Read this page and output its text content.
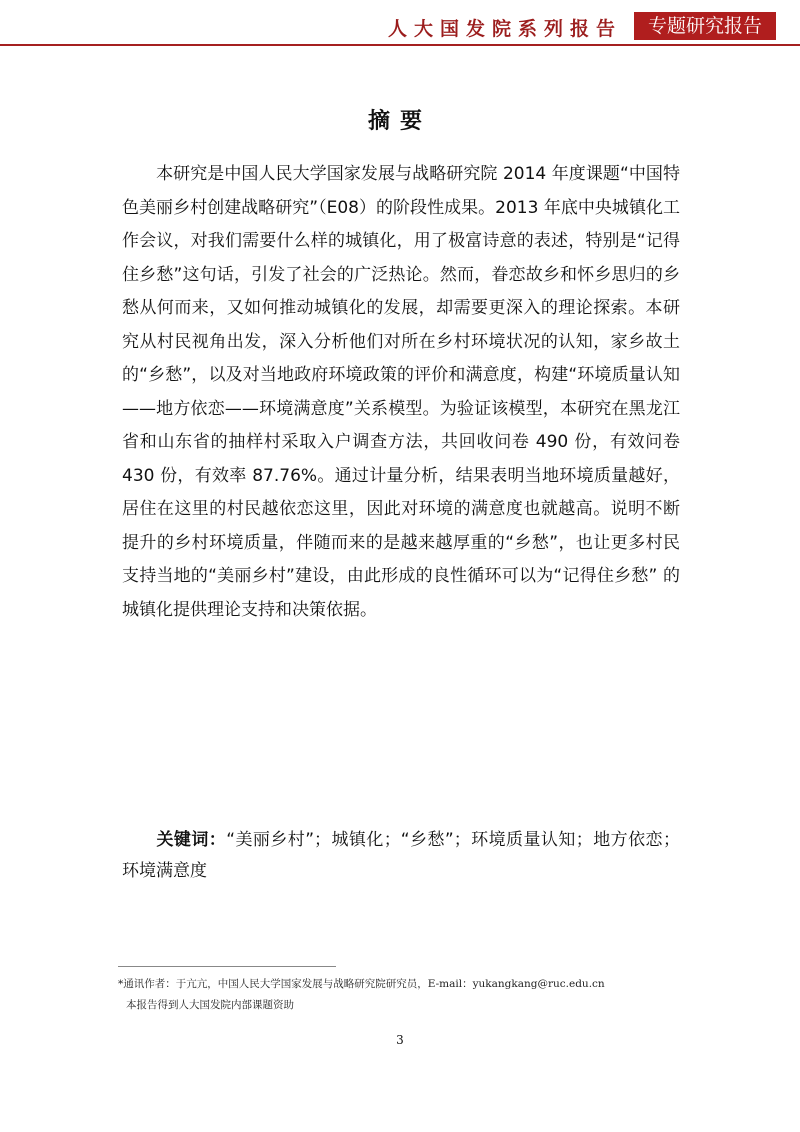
人大国发院系列报告	专题研究报告
摘要

本研究是中国人民大学国家发展与战略研究院 2014 年度课题“中国特色美丽乡村创建战略研究”（E08）的阶段性成果。2013 年底中央城镇化工作会议，对我们需要什么样的城镇化，用了极富诗意的表述，特别是“记得住乡愁”这句话，引发了社会的广泛热论。然而，眷恋故乡和怀乡思归的乡愁从何而来，又如何推动城镇化的发展，却需要更深入的理论探索。本研究从村民视角出发，深入分析他们对所在乡村环境状况的认知，家乡故土的“乡愁”，以及对当地政府环境政策的评价和满意度，构建“环境质量认知——地方依恋——环境满意度”关系模型。为验证该模型，本研究在黑龙江省和山东省的抽样村采取入户调查方法，共回收问卷 490 份，有效问卷 430 份，有效率 87.76%。通过计量分析，结果表明当地环境质量越好，居住在这里的村民越依恋这里，因此对环境的满意度也就越高。说明不断提升的乡村环境质量，伴随而来的是越来越厚重的“乡愁”，也让更多村民支持当地的“美丽乡村”建设，由此形成的良性循环可以为“记得住乡愁” 的城镇化提供理论支持和决策依据。

关键词：“美丽乡村”；城镇化；“乡愁”；环境质量认知；地方依恋；环境满意度

*通讯作者：于亢亢，中国人民大学国家发展与战略研究院研究员，E-mail：yukangkang@ruc.edu.cn
本报告得到人大国发院内部课题资助
3
